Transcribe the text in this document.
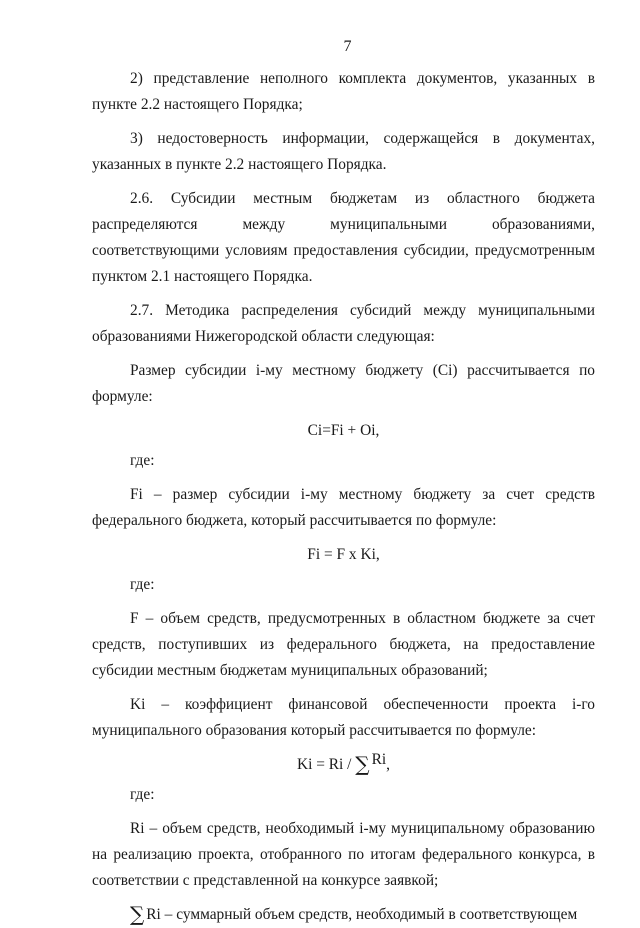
7

2) представление неполного комплекта документов, указанных в пункте 2.2 настоящего Порядка;

3) недостоверность информации, содержащейся в документах, указанных в пункте 2.2 настоящего Порядка.

2.6. Субсидии местным бюджетам из областного бюджета распределяются между муниципальными образованиями, соответствующими условиям предоставления субсидии, предусмотренным пунктом 2.1 настоящего Порядка.

2.7. Методика распределения субсидий между муниципальными образованиями Нижегородской области следующая:

Размер субсидии i-му местному бюджету (Ci) рассчитывается по формуле:

Ci=Fi + Oi,

где:

Fi – размер субсидии i-му местному бюджету за счет средств федерального бюджета, который рассчитывается по формуле:

Fi = F x Ki,

где:

F – объем средств, предусмотренных в областном бюджете за счет средств, поступивших из федерального бюджета, на предоставление субсидии местным бюджетам муниципальных образований;

Ki – коэффициент финансовой обеспеченности проекта i-го муниципального образования который рассчитывается по формуле:

Ki = Ri / ∑ Ri,

где:

Ri – объем средств, необходимый i-му муниципальному образованию на реализацию проекта, отобранного по итогам федерального конкурса, в соответствии с представленной на конкурсе заявкой;

∑ Ri – суммарный объем средств, необходимый в соответствующем
